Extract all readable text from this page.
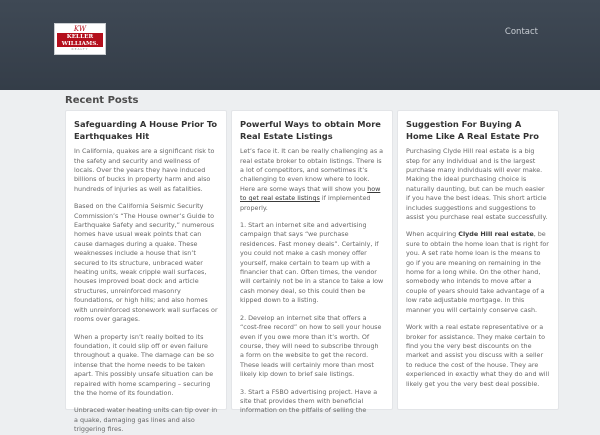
KW
KELLER
WILLIAMS.
REALTY
Contact
Recent Posts
Safeguarding A House Prior To Earthquakes Hit

In California, quakes are a significant risk to the safety and security and wellness of locals. Over the years they have induced billions of bucks in property harm and also hundreds of injuries as well as fatalities.

Based on the California Seismic Security Commission’s “The House owner’s Guide to Earthquake Safety and security,” numerous homes have usual weak points that can cause damages during a quake. These weaknesses include a house that isn’t secured to its structure, unbraced water heating units, weak cripple wall surfaces, houses improved boat dock and article structures, unreinforced masonry foundations, or high hills; and also homes with unreinforced stonework wall surfaces or rooms over garages.

When a property isn’t really bolted to its foundation, it could slip off or even failure throughout a quake. The damage can be so intense that the home needs to be taken apart. This possibly unsafe situation can be repaired with home scampering – securing the the home of its foundation.

Unbraced water heating units can tip over in a quake, damaging gas lines and also triggering fires.

Powerful Ways to obtain More Real Estate Listings

Let’s face it. It can be really challenging as a real estate broker to obtain listings. There is a lot of competitors, and sometimes it’s challenging to even know where to look. Here are some ways that will show you how to get real estate listings if implemented properly.

1. Start an internet site and advertising campaign that says “we purchase residences. Fast money deals”. Certainly, if you could not make a cash money offer yourself, make certain to team up with a financier that can. Often times, the vendor will certainly not be in a stance to take a low cash money deal, so this could then be kipped down to a listing.

2. Develop an internet site that offers a “cost-free record” on how to sell your house even if you owe more than it’s worth. Of course, they will need to subscribe through a form on the website to get the record. These leads will certainly more than most likely kip down to brief sale listings.

3. Start a FSBO advertising project. Have a site that provides them with beneficial information on the pitfalls of selling the

Suggestion For Buying A Home Like A Real Estate Pro

Purchasing Clyde Hill real estate is a big step for any individual and is the largest purchase many individuals will ever make. Making the ideal purchasing choice is naturally daunting, but can be much easier if you have the best ideas. This short article includes suggestions and suggestions to assist you purchase real estate successfully.

When acquiring Clyde Hill real estate, be sure to obtain the home loan that is right for you. A set rate home loan is the means to go if you are meaning on remaining in the home for a long while. On the other hand, somebody who intends to move after a couple of years should take advantage of a low rate adjustable mortgage. In this manner you will certainly conserve cash.

Work with a real estate representative or a broker for assistance. They make certain to find you the very best discounts on the market and assist you discuss with a seller to reduce the cost of the house. They are experienced in exactly what they do and will likely get you the very best deal possible.
